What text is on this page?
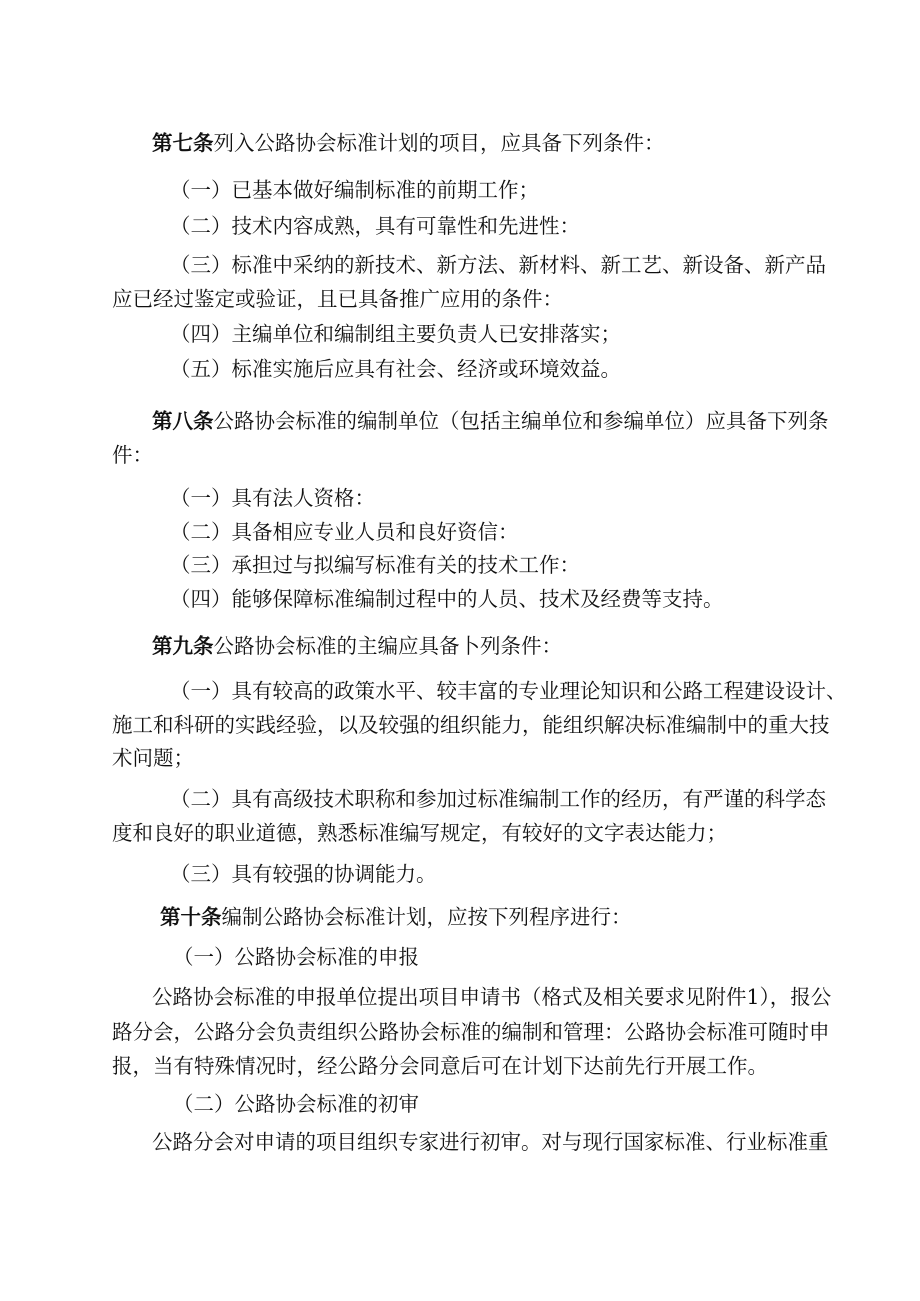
第七条列入公路协会标准计划的项目，应具备下列条件：
（一）已基本做好编制标准的前期工作；
（二）技术内容成熟，具有可靠性和先进性：
（三）标准中采纳的新技术、新方法、新材料、新工艺、新设备、新产品
应已经过鉴定或验证，且已具备推广应用的条件：
（四）主编单位和编制组主要负责人已安排落实；
（五）标准实施后应具有社会、经济或环境效益。
第八条公路协会标准的编制单位（包括主编单位和参编单位）应具备下列条
件：
（一）具有法人资格：
（二）具备相应专业人员和良好资信：
（三）承担过与拟编写标准有关的技术工作：
（四）能够保障标准编制过程中的人员、技术及经费等支持。
第九条公路协会标准的主编应具备卜列条件：
（一）具有较高的政策水平、较丰富的专业理论知识和公路工程建设设计、
施工和科研的实践经验，以及较强的组织能力，能组织解决标准编制中的重大技
术问题；
（二）具有高级技术职称和参加过标准编制工作的经历，有严谨的科学态
度和良好的职业道德，熟悉标准编写规定，有较好的文字表达能力；
（三）具有较强的协调能力。
第十条编制公路协会标准计划，应按下列程序进行：
（一）公路协会标准的申报
公路协会标准的申报单位提出项目申请书（格式及相关要求见附件1），报公
路分会，公路分会负责组织公路协会标准的编制和管理：公路协会标准可随时申
报，当有特殊情况时，经公路分会同意后可在计划下达前先行开展工作。
（二）公路协会标准的初审
公路分会对申请的项目组织专家进行初审。对与现行国家标准、行业标准重
